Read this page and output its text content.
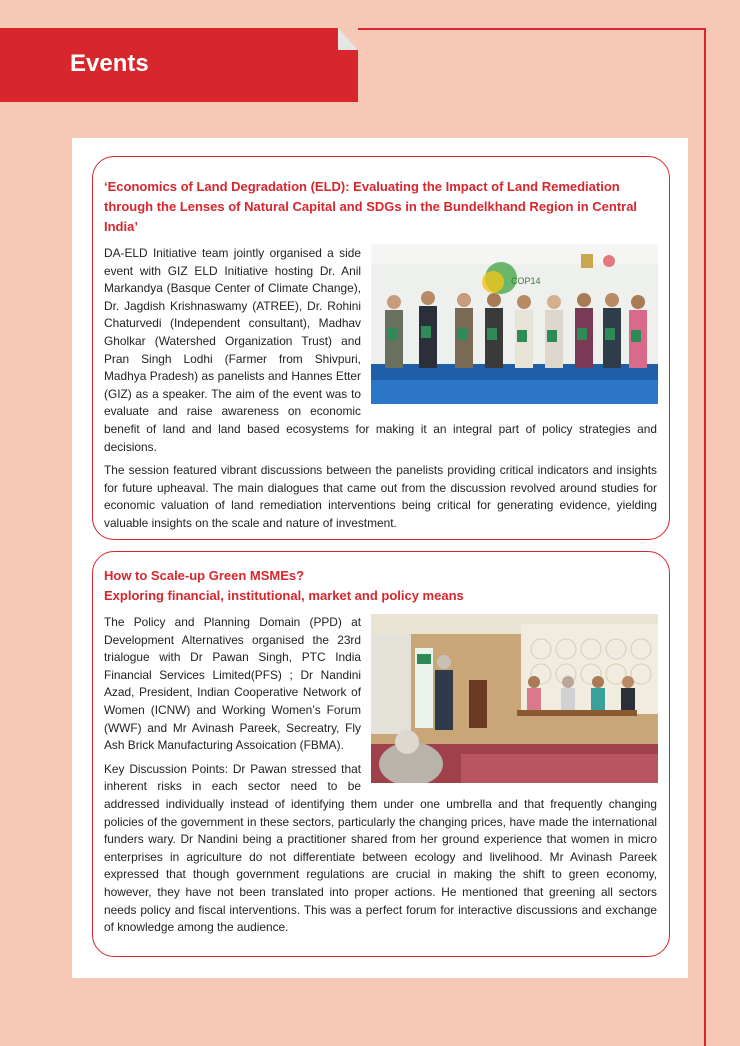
Events
‘Economics of Land Degradation (ELD): Evaluating the Impact of Land Remediation through the Lenses of Natural Capital and SDGs in the Bundelkhand Region in Central India’
COP14

DA-ELD Initiative team jointly organised a side event with GIZ ELD Initiative hosting Dr. Anil Markandya (Basque Center of Climate Change), Dr. Jagdish Krishnaswamy (ATREE), Dr. Rohini Chaturvedi (Independent consultant), Madhav Gholkar (Watershed Organization Trust) and Pran Singh Lodhi (Farmer from Shivpuri, Madhya Pradesh) as panelists and Hannes Etter (GIZ) as a speaker. The aim of the event was to evaluate and raise awareness on economic benefit of land and land based ecosystems for making it an integral part of policy strategies and decisions.

The session featured vibrant discussions between the panelists providing critical indicators and insights for future upheaval. The main dialogues that came out from the discussion revolved around studies for economic valuation of land remediation interventions being critical for generating evidence, yielding valuable insights on the scale and nature of investment.

How to Scale-up Green MSMEs?
Exploring financial, institutional, market and policy means

The Policy and Planning Domain (PPD) at Development Alternatives organised the 23rd trialogue with Dr Pawan Singh, PTC India Financial Services Limited(PFS) ; Dr Nandini Azad, President, Indian Cooperative Network of Women (ICNW) and Working Women’s Forum (WWF) and Mr Avinash Pareek, Secreatry, Fly Ash Brick Manufacturing Assoication (FBMA).

Key Discussion Points: Dr Pawan stressed that inherent risks in each sector need to be addressed individually instead of identifying them under one umbrella and that frequently changing policies of the government in these sectors, particularly the changing prices, have made the international funders wary. Dr Nandini being a practitioner shared from her ground experience that women in micro enterprises in agriculture do not differentiate between ecology and livelihood. Mr Avinash Pareek expressed that though government regulations are crucial in making the shift to green economy, however, they have not been translated into proper actions. He mentioned that greening all sectors needs policy and fiscal interventions. This was a perfect forum for interactive discussions and exchange of knowledge among the audience.
